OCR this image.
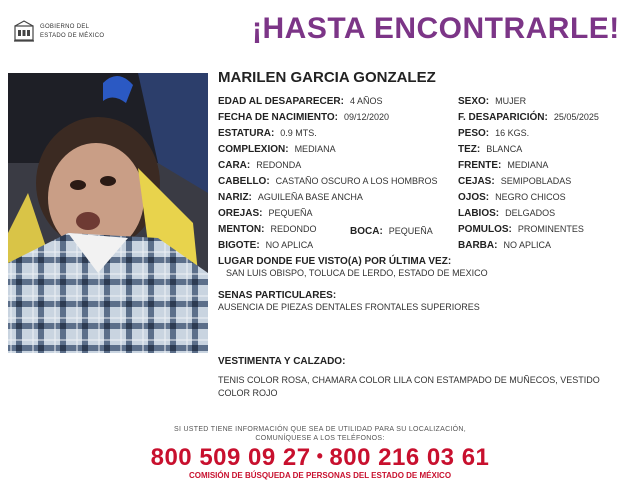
GOBIERNO DEL
ESTADO DE MÉXICO	¡HASTA ENCONTRARLE!
MARILEN GARCIA GONZALEZ
EDAD AL DESAPARECER: 4 AÑOS
FECHA DE NACIMIENTO: 09/12/2020
ESTATURA: 0.9 MTS.
COMPLEXION: MEDIANA
CARA: REDONDA
CABELLO: CASTAÑO OSCURO A LOS HOMBROS
NARIZ: AGUILEÑA BASE ANCHA
OREJAS: PEQUEÑA
MENTON: REDONDO	BOCA: PEQUEÑA
BIGOTE: NO APLICA
SEXO: MUJER
F. DESAPARICIÓN: 25/05/2025
PESO: 16 KGS.
TEZ: BLANCA
FRENTE: MEDIANA
CEJAS: SEMIPOBLADAS
OJOS: NEGRO CHICOS
LABIOS: DELGADOS
POMULOS: PROMINENTES
BARBA: NO APLICA
LUGAR DONDE FUE VISTO(A) POR ÚLTIMA VEZ:
SAN LUIS OBISPO, TOLUCA DE LERDO, ESTADO DE MEXICO
SENAS PARTICULARES:
AUSENCIA DE PIEZAS DENTALES FRONTALES SUPERIORES
VESTIMENTA Y CALZADO:
TENIS COLOR ROSA, CHAMARA COLOR LILA CON ESTAMPADO DE MUÑECOS, VESTIDO COLOR ROJO
SI USTED TIENE INFORMACIÓN QUE SEA DE UTILIDAD PARA SU LOCALIZACIÓN,
COMUNÍQUESE A LOS TELÉFONOS:
800 509 09 27 • 800 216 03 61
COMISIÓN DE BÚSQUEDA DE PERSONAS DEL ESTADO DE MÉXICO
